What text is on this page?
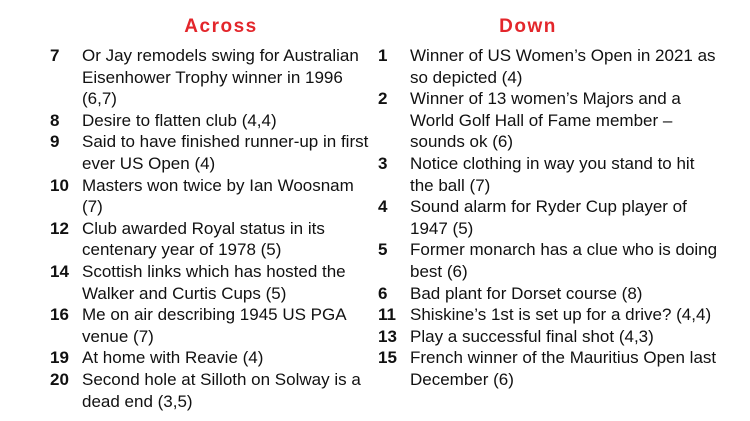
Across
7	Or Jay remodels swing for Australian Eisenhower Trophy winner in 1996 (6,7)
8	Desire to flatten club (4,4)
9	Said to have finished runner-up in first ever US Open (4)
10 Masters won twice by Ian Woosnam (7)
12 Club awarded Royal status in its centenary year of 1978 (5)
14 Scottish links which has hosted the Walker and Curtis Cups (5)
16 Me on air describing 1945 US PGA venue (7)
19 At home with Reavie (4)
20 Second hole at Silloth on Solway is a dead end (3,5)
Down
1	Winner of US Women’s Open in 2021 as so depicted (4)
2	Winner of 13 women’s Majors and a World Golf Hall of Fame member – sounds ok (6)
3	Notice clothing in way you stand to hit the ball (7)
4	Sound alarm for Ryder Cup player of 1947 (5)
5	Former monarch has a clue who is doing best (6)
6	Bad plant for Dorset course (8)
11 Shiskine’s 1st is set up for a drive? (4,4)
13 Play a successful final shot (4,3)
15 French winner of the Mauritius Open last December (6)
